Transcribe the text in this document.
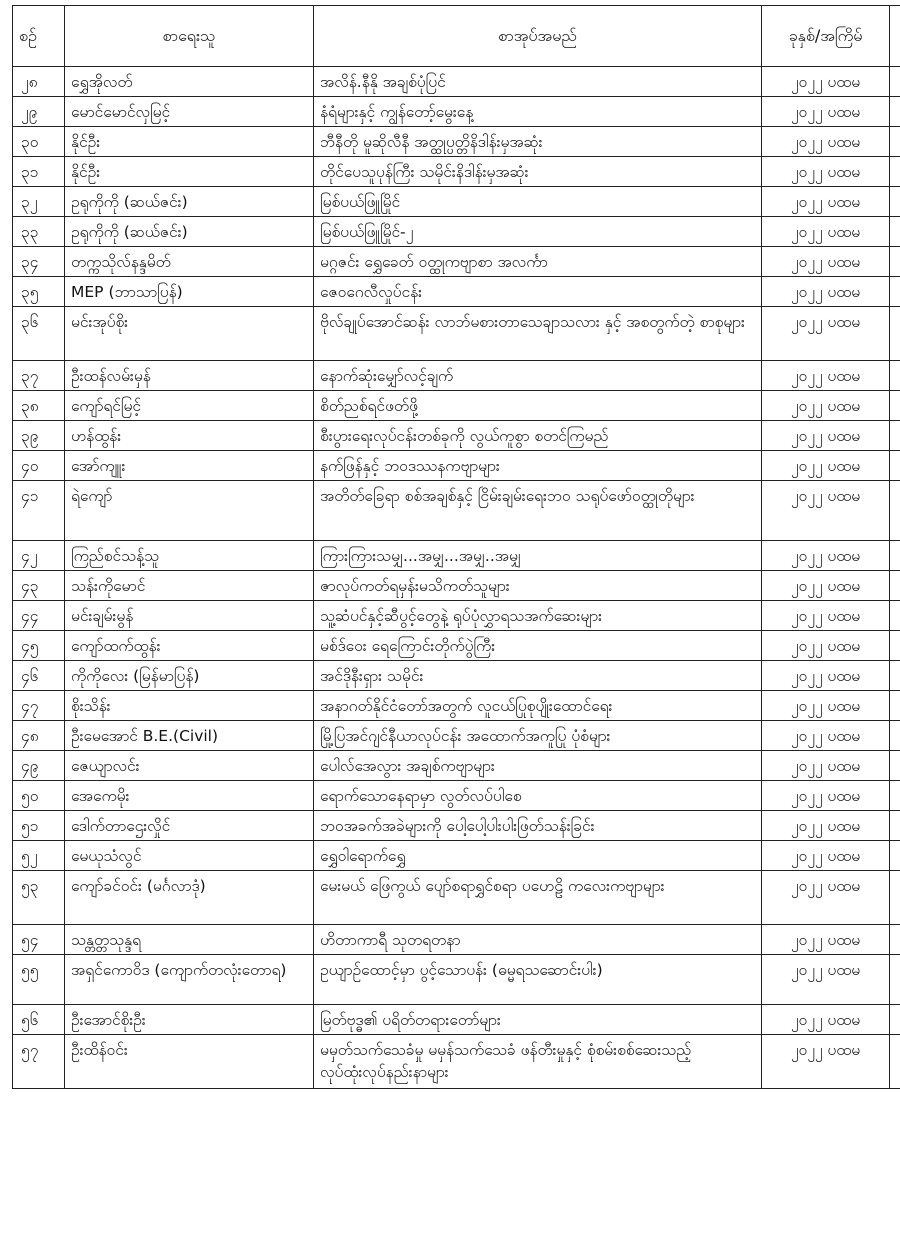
စဉ်	စာရေးသူ	စာအုပ်အမည်	ခုနှစ်/အကြိမ်	
၂၈	ရွှေအိုလတ်	အလိန်.နီနို အချစ်ပုံပြင်	၂၀၂၂ ပထမ	
၂၉	မောင်မောင်လှမြင့်	နံရံများနှင့် ကျွန်တော့်မွေးနေ့	၂၀၂၂ ပထမ	
၃၀	နိုင်ဦး	ဘီနီတို မူဆိုလီနီ အတ္ထုပ္ပတ္တိနိဒါန်းမှအဆုံး	၂၀၂၂ ပထမ	
၃၁	နိုင်ဦး	တိုင်ပေသူပုန်ကြီး သမိုင်းနိဒါန်းမှအဆုံး	၂၀၂၂ ပထမ	
၃၂	ဥရုကိုကို (ဆယ်ဇင်း)	မြစ်ပယ်ဖြူမြိုင်	၂၀၂၂ ပထမ	
၃၃	ဥရုကိုကို (ဆယ်ဇင်း)	မြစ်ပယ်ဖြူမြိုင်-၂	၂၀၂၂ ပထမ	
၃၄	တက္ကသိုလ်နန္ဒမိတ်	မဂ္ဂဇင်း ရွှေခေတ် ဝတ္ထုကဗျာစာ အလင်္ကာ	၂၀၂၂ ပထမ	
၃၅	MEP (ဘာသာပြန်)	ဇေဝဂေလီလှုပ်ငန်း	၂၀၂၂ ပထမ	
၃၆	မင်းအုပ်စိုး	ဗိုလ်ချုပ်အောင်ဆန်း လာဘ်မစားတာသေချာသလား နှင့် အစတွက်တဲ့ စာစုများ	၂၀၂၂ ပထမ	
၃၇	ဦးထန်လမ်းမှန်	နောက်ဆုံးမျှော်လင့်ချက်	၂၀၂၂ ပထမ	
၃၈	ကျော်ရင်မြင့်	စိတ်ညစ်ရင်ဖတ်ဖို့	၂၀၂၂ ပထမ	
၃၉	ဟန်ထွန်း	စီးပွားရေးလုပ်ငန်းတစ်ခုကို လွယ်ကူစွာ စတင်ကြမည်	၂၀၂၂ ပထမ	
၄၀	အော်ကျူး	နက်ဖြန်နှင့် ဘဝဒဿနကဗျာများ	၂၀၂၂ ပထမ	
၄၁	ရဲကျော်	အတိတ်ခြေရာ စစ်အချစ်နှင့် ငြိမ်းချမ်းရေးဘဝ သရုပ်ဖော်ဝတ္ထုတိုများ	၂၀၂၂ ပထမ	
၄၂	ကြည်စင်သန့်သူ	ကြားကြားသမျှ...အမျှ...အမျှ..အမျှ	၂၀၂၂ ပထမ	
၄၃	သန်းကိုမောင်	ဇာလုပ်ကတ်ရမှန်းမသိကတ်သူများ	၂၀၂၂ ပထမ	
၄၄	မင်းချမ်းမွန်	သူ့ဆံပင်နှင့်ဆီပွင့်တွေနဲ့ ရုပ်ပုံလွှာရသအက်ဆေးများ	၂၀၂၂ ပထမ	
၄၅	ကျော်ထက်ထွန်း	မစ်ဒ်ဝေး ရေကြောင်းတိုက်ပွဲကြီး	၂၀၂၂ ပထမ	
၄၆	ကိုကိုလေး (မြန်မာပြန်)	အင်ဒိုနီးရှား သမိုင်း	၂၀၂၂ ပထမ	
၄၇	စိုးသိန်း	အနာဂတ်နိုင်ငံတော်အတွက် လူငယ်ပြုစုပျိုးထောင်ရေး	၂၀၂၂ ပထမ	
၄၈	ဦးမေအောင် B.E.(Civil)	မြို့ပြအင်ဂျင်နီယာလုပ်ငန်း အထောက်အကူပြု ပုံစံများ	၂၀၂၂ ပထမ	
၄၉	ဇေယျာလင်း	ပေါလ်အေလွား အချစ်ကဗျာများ	၂၀၂၂ ပထမ	
၅၀	အေကေမိုး	ရောက်သောနေရာမှာ လွတ်လပ်ပါစေ	၂၀၂၂ ပထမ	
၅၁	ဒေါက်တာဌေးလှိုင်	ဘဝအခက်အခဲများကို ပေါ့ပေါ့ပါးပါးဖြတ်သန်းခြင်း	၂၀၂၂ ပထမ	
၅၂	မေယုသံလွင်	ရွှေဝါရောက်ရွှေ	၂၀၂၂ ပထမ	
၅၃	ကျော်ခင်ဝင်း (မင်္ဂလာဒုံ)	မေးမယ် ဖြေကွယ် ပျော်စရာရွှင်စရာ ပဟေဠိ ကလေးကဗျာများ	၂၀၂၂ ပထမ	
၅၄	သန္တတ္တသုန္ဒရ	ဟိတာကာရီ သုတရတနာ	၂၀၂၂ ပထမ	
၅၅	အရှင်ကောဝိဒ (ကျောက်တလုံးတောရ)	ဥယျာဉ်ထောင့်မှာ ပွင့်သောပန်း (ဓမ္မရသဆောင်းပါး)	၂၀၂၂ ပထမ	
၅၆	ဦးအောင်စိုးဦး	မြတ်ဗုဒ္ဓ၏ ပရိတ်တရားတော်များ	၂၀၂၂ ပထမ	
၅၇	ဦးထိန်ဝင်း	မမှတ်သက်သေခံမှု မမှန်သက်သေခံ ဖန်တီးမှုနှင့် စုံစမ်းစစ်ဆေးသည့် လုပ်ထုံးလုပ်နည်းနာများ	၂၀၂၂ ပထမ	
